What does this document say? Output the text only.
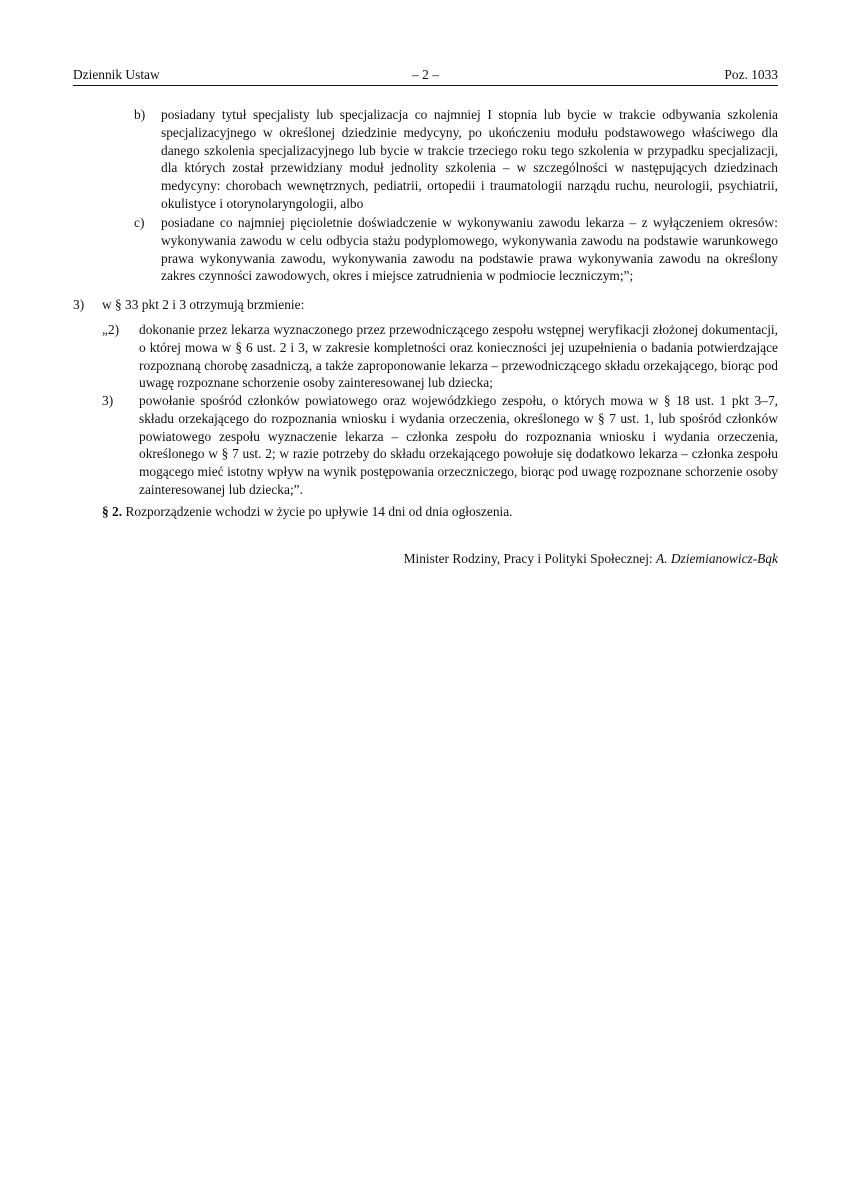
Dziennik Ustaw	– 2 –	Poz. 1033
b) posiadany tytuł specjalisty lub specjalizacja co najmniej I stopnia lub bycie w trakcie odbywania szkolenia specjalizacyjnego w określonej dziedzinie medycyny, po ukończeniu modułu podstawowego właściwego dla danego szkolenia specjalizacyjnego lub bycie w trakcie trzeciego roku tego szkolenia w przypadku specjalizacji, dla których został przewidziany moduł jednolity szkolenia – w szczególności w następujących dziedzinach medycyny: chorobach wewnętrznych, pediatrii, ortopedii i traumatologii narządu ruchu, neurologii, psychiatrii, okulistyce i otorynolaryngologii, albo
c) posiadane co najmniej pięcioletnie doświadczenie w wykonywaniu zawodu lekarza – z wyłączeniem okresów: wykonywania zawodu w celu odbycia stażu podyplomowego, wykonywania zawodu na podstawie warunkowego prawa wykonywania zawodu, wykonywania zawodu na podstawie prawa wykonywania zawodu na określony zakres czynności zawodowych, okres i miejsce zatrudnienia w podmiocie leczniczym;”;
3) w § 33 pkt 2 i 3 otrzymują brzmienie:
„2) dokonanie przez lekarza wyznaczonego przez przewodniczącego zespołu wstępnej weryfikacji złożonej dokumentacji, o której mowa w § 6 ust. 2 i 3, w zakresie kompletności oraz konieczności jej uzupełnienia o badania potwierdzające rozpoznaną chorobę zasadniczą, a także zaproponowanie lekarza – przewodniczącego składu orzekającego, biorąc pod uwagę rozpoznane schorzenie osoby zainteresowanej lub dziecka;
3) powołanie spośród członków powiatowego oraz wojewódzkiego zespołu, o których mowa w § 18 ust. 1 pkt 3–7, składu orzekającego do rozpoznania wniosku i wydania orzeczenia, określonego w § 7 ust. 1, lub spośród członków powiatowego zespołu wyznaczenie lekarza – członka zespołu do rozpoznania wniosku i wydania orzeczenia, określonego w § 7 ust. 2; w razie potrzeby do składu orzekającego powołuje się dodatkowo lekarza – członka zespołu mogącego mieć istotny wpływ na wynik postępowania orzeczniczego, biorąc pod uwagę rozpoznane schorzenie osoby zainteresowanej lub dziecka;”.
§ 2. Rozporządzenie wchodzi w życie po upływie 14 dni od dnia ogłoszenia.
Minister Rodziny, Pracy i Polityki Społecznej: A. Dziemianowicz-Bąk
